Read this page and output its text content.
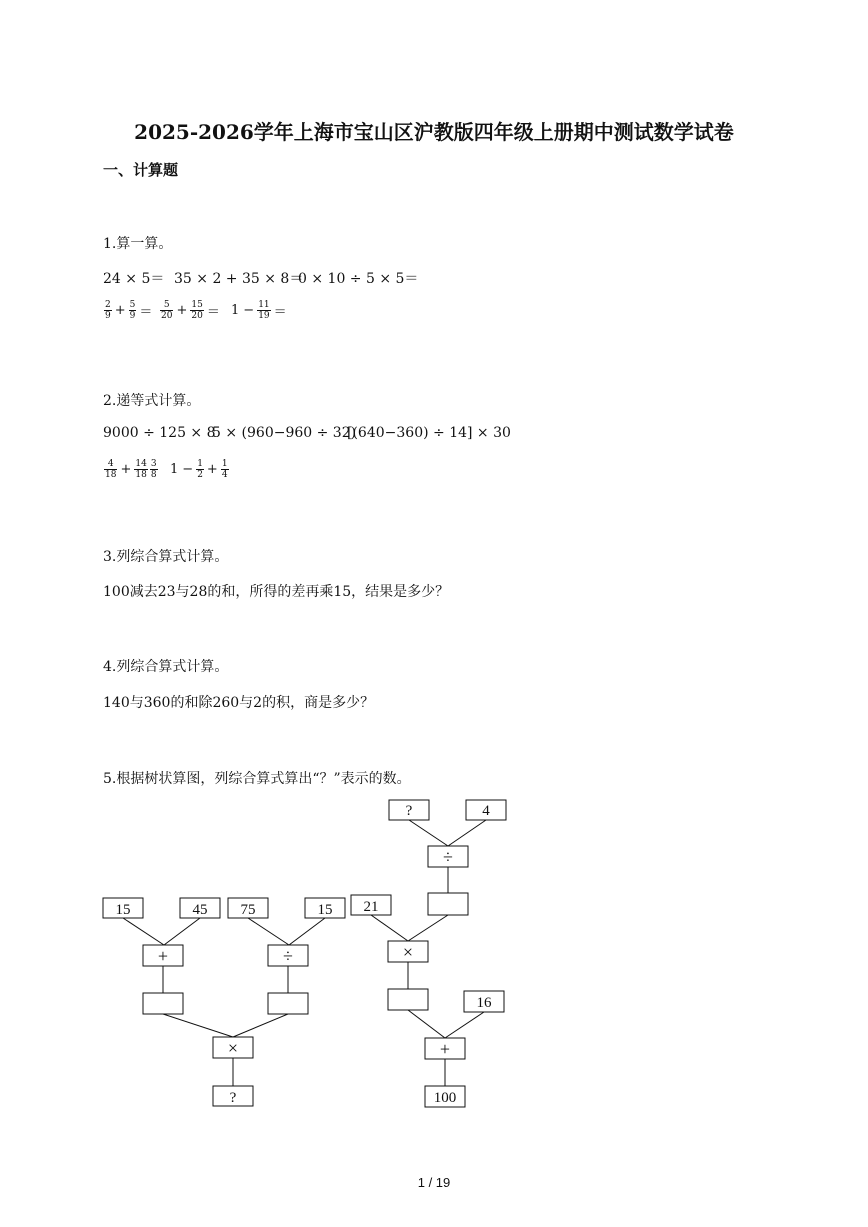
2025-2026学年上海市宝山区沪教版四年级上册期中测试数学试卷
一、计算题
1.算一算。
24 × 5＝ 35 × 2 + 35 × 8＝
0 × 10 ÷ 5 × 5＝
$\frac{2}{9} + \frac{5}{9} = \frac{5}{20} + \frac{15}{20} = 1 - \frac{11}{19}$ ＝
2.递等式计算。
9000 ÷ 125 × 8
5 × (960−960 ÷ 32)
[(640−360) ÷ 14] × 30
$\frac{4}{18} + \frac{14}{18} \frac{3}{8} 1 - \frac{1}{2} + \frac{1}{4}$
3.列综合算式计算。
100减去23与28的和，所得的差再乘15，结果是多少？
4.列综合算式计算。
140与360的和除260与2的积，商是多少？
5.根据树状算图，列综合算式算出“？”表示的数。
15	45 75	15
+	÷
×
?
?	4
÷
21
×
16
+
100
1 / 19
